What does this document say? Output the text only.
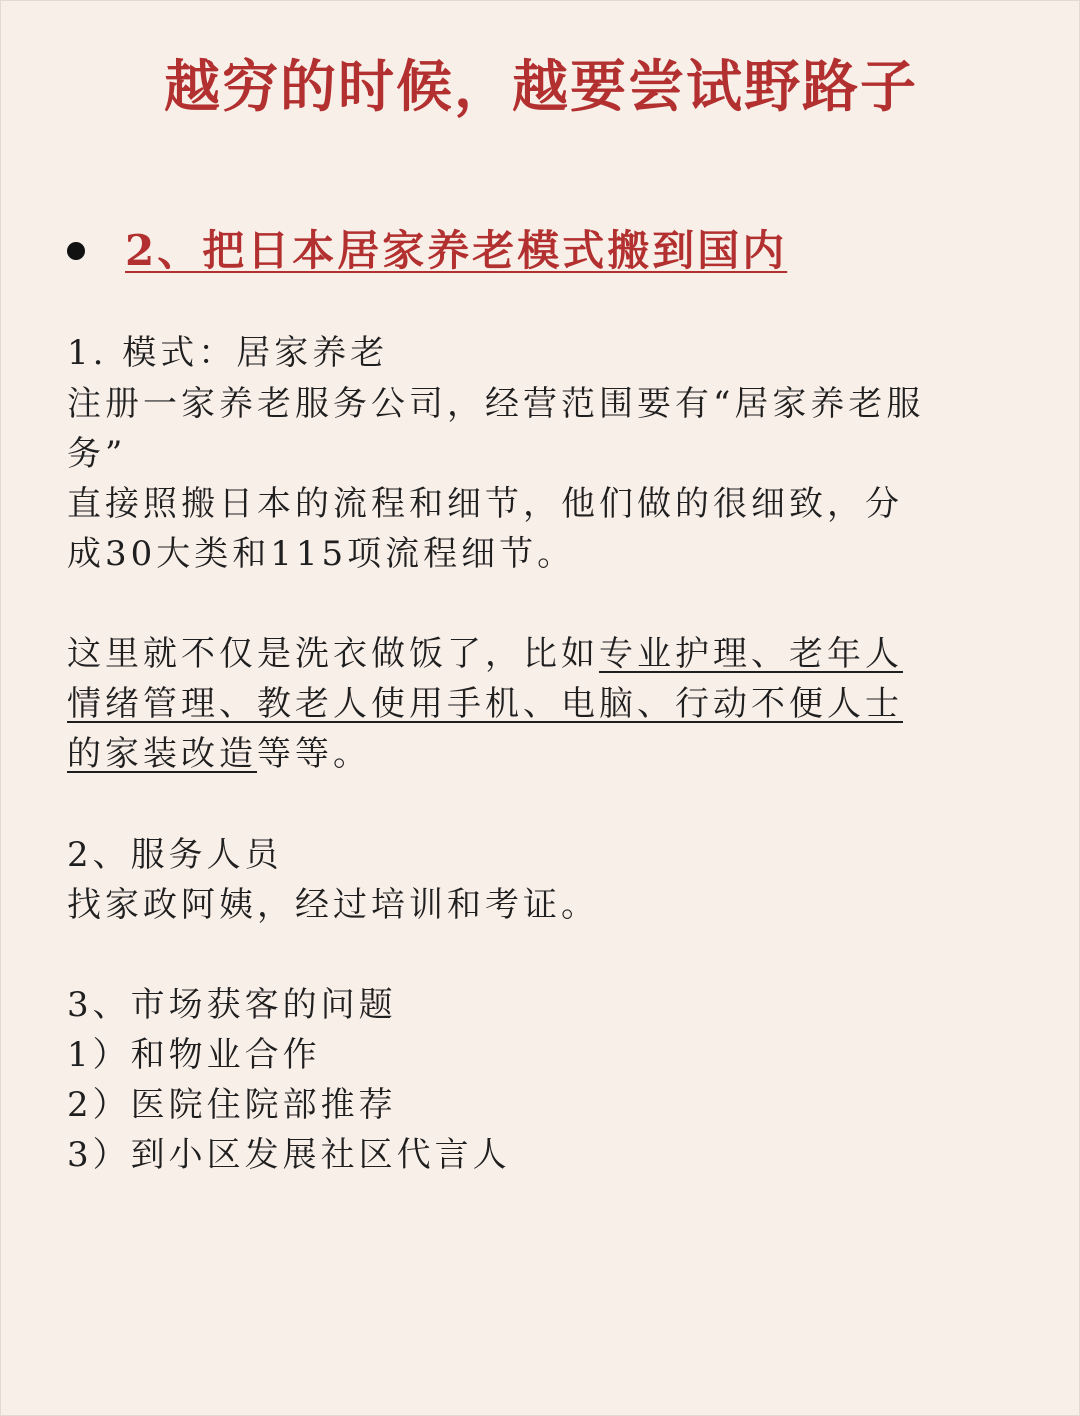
越穷的时候，越要尝试野路子
2、把日本居家养老模式搬到国内
1. 模式：居家养老
注册一家养老服务公司，经营范围要有“居家养老服
务”
直接照搬日本的流程和细节，他们做的很细致，分
成30大类和115项流程细节。
这里就不仅是洗衣做饭了，比如专业护理、老年人
情绪管理、教老人使用手机、电脑、行动不便人士
的家装改造等等。
2、服务人员
找家政阿姨，经过培训和考证。
3、市场获客的问题
1）和物业合作
2）医院住院部推荐
3）到小区发展社区代言人
